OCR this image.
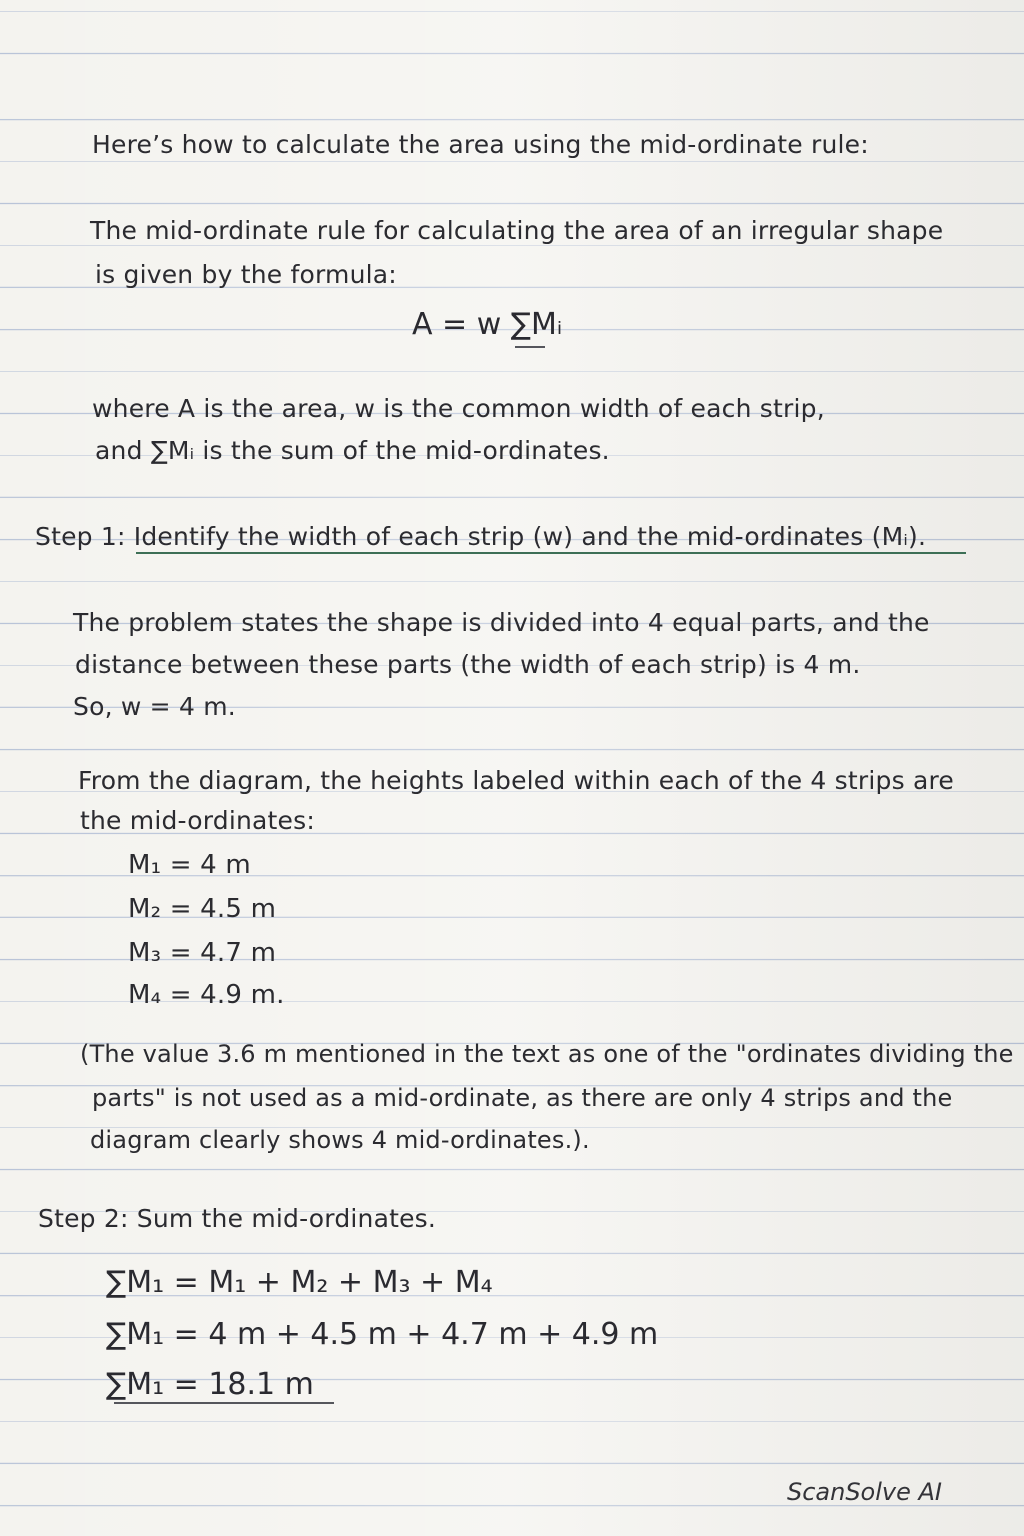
Here’s how to calculate the area using the mid-ordinate rule:
The mid-ordinate rule for calculating the area of an irregular shape
is given by the formula:
A = w ∑Mᵢ
where A is the area, w is the common width of each strip,
and ∑Mᵢ is the sum of the mid-ordinates.
Step 1: Identify the width of each strip (w) and the mid-ordinates (Mᵢ).
The problem states the shape is divided into 4 equal parts, and the
distance between these parts (the width of each strip) is 4 m.
So, w = 4 m.
From the diagram, the heights labeled within each of the 4 strips are
the mid-ordinates:
M₁ = 4 m
M₂ = 4.5 m
M₃ = 4.7 m
M₄ = 4.9 m.
(The value 3.6 m mentioned in the text as one of the "ordinates dividing the
parts" is not used as a mid-ordinate, as there are only 4 strips and the
diagram clearly shows 4 mid-ordinates.).
Step 2: Sum the mid-ordinates.
∑M₁ = M₁ + M₂ + M₃ + M₄
∑M₁ = 4 m + 4.5 m + 4.7 m + 4.9 m
∑M₁ = 18.1 m
ScanSolve AI
